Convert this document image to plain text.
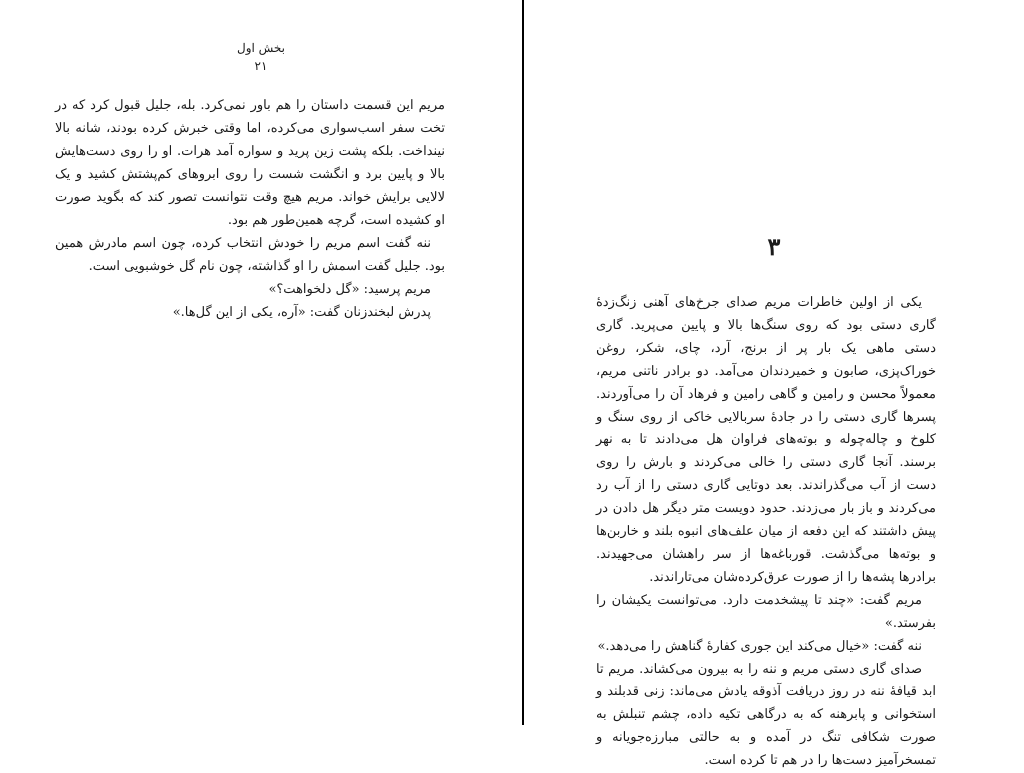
بخش اول
۲۱

مریم این قسمت داستان را هم باور نمی‌کرد. بله، جلیل قبول کرد که در تخت سفر اسب‌سواری می‌کرده، اما وقتی خبرش کرده بودند، شانه بالا نینداخت. بلکه پشت زین پرید و سواره آمد هرات. او را روی دست‌هایش بالا و پایین برد و انگشت شست را روی ابروهای کم‌پشتش کشید و یک لالایی برایش خواند. مریم هیچ وقت نتوانست تصور کند که بگوید صورت او کشیده است، گرچه همین‌طور هم بود.

ننه گفت اسم مریم را خودش انتخاب کرده، چون اسم مادرش همین بود. جلیل گفت اسمش را او گذاشته، چون نام گل خوشبویی است.

مریم پرسید: «گل دلخواهت؟»

پدرش لبخندزنان گفت: «آره، یکی از این گل‌ها.»

۳

یکی از اولین خاطرات مریم صدای جرخ‌های آهنی زنگ‌زدهٔ گاری دستی بود که روی سنگ‌ها بالا و پایین می‌پرید. گاری دستی ماهی یک بار پر از برنج، آرد، چای، شکر، روغن خوراک‌پزی، صابون و خمیردندان می‌آمد. دو برادر ناتنی مریم، معمولاً محسن و رامین و گاهی رامین و فرهاد آن را می‌آوردند. پسرها گاری دستی را در جادهٔ سربالایی خاکی از روی سنگ و کلوخ و چاله‌چوله و بوته‌های فراوان هل می‌دادند تا به نهر برسند. آنجا گاری دستی را خالی می‌کردند و بارش را روی دست از آب می‌گذراندند. بعد دوتایی گاری دستی را از آب رد می‌کردند و باز بار می‌زدند. حدود دویست متر دیگر هل دادن در پیش داشتند که این دفعه از میان علف‌های انبوه بلند و خاربن‌ها و بوته‌ها می‌گذشت. قورباغه‌ها از سر راهشان می‌جهیدند. برادرها پشه‌ها را از صورت عرق‌کرده‌شان می‌تاراندند.

مریم گفت: «چند تا پیشخدمت دارد. می‌توانست یکیشان را بفرستد.»

ننه گفت: «خیال می‌کند این جوری کفارهٔ گناهش را می‌دهد.»

صدای گاری دستی مریم و ننه را به بیرون می‌کشاند. مریم تا ابد قیافهٔ ننه در روز دریافت آذوقه یادش می‌ماند: زنی قدبلند و استخوانی و پابرهنه که به درگاهی تکیه داده، چشم تنبلش به صورت شکافی تنگ در آمده و به حالتی مبارزه‌جویانه و تمسخرآمیز دست‌ها را در هم تا کرده است.
